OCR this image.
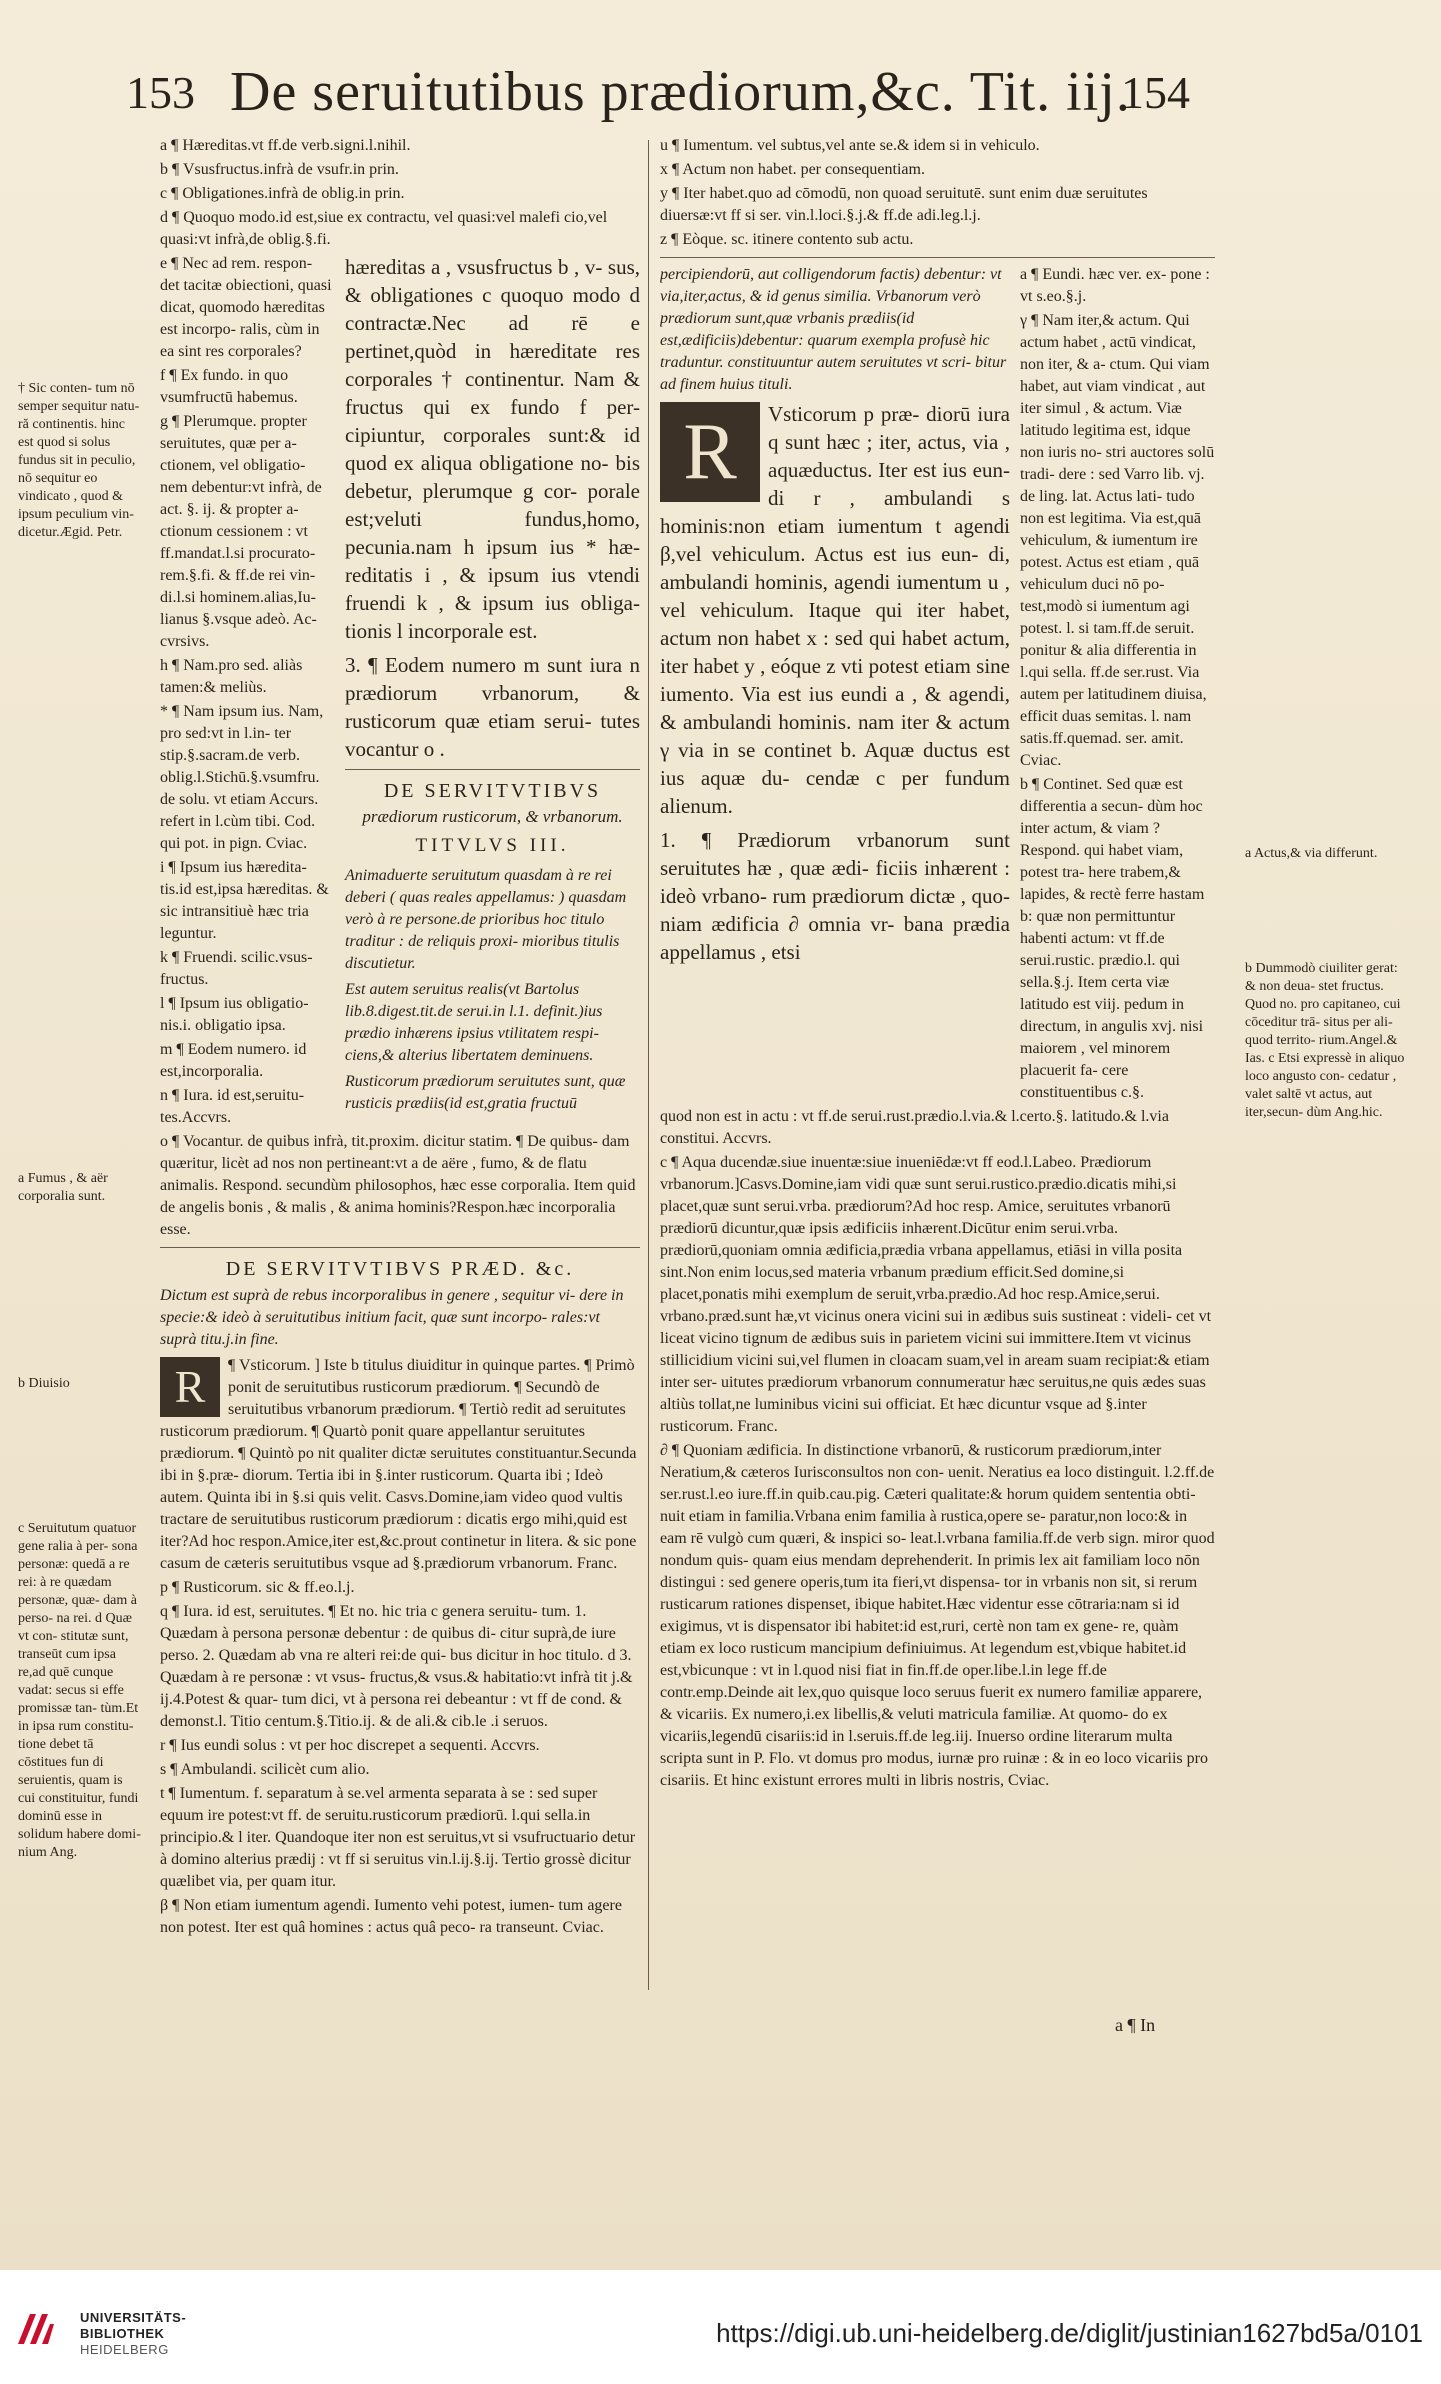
153 De seruitutibus prædiorum,&c. Tit. iij.
154
† Sic conten- tum nō semper sequitur natu- ră continentis. hinc est quod si solus fundus sit in peculio, nō sequitur eo vindicato , quod & ipsum peculium vin- dicetur.Ægid. Petr.
a Fumus , & aër corporalia sunt.
b Diuisio
c Seruitutum quatuor gene ralia à per- sona personæ: quedā a re rei: à re quædam personæ, quæ- dam à perso- na rei. d Quæ vt con- stitutæ sunt, transeūt cum ipsa re,ad quē cunque vadat: secus si effe promissæ tan- tùm.Et in ipsa rum constitu- tione debet tā cōstitues fun di seruientis, quam is cui constituitur, fundi dominū esse in solidum habere domi- nium Ang.

a ¶ Hæreditas.vt ff.de verb.signi.l.nihil.

b ¶ Vsusfructus.infrà de vsufr.in prin.

c ¶ Obligationes.infrà de oblig.in prin.

d ¶ Quoquo modo.id est,siue ex contractu, vel quasi:vel malefi cio,vel quasi:vt infrà,de oblig.§.fi.

e ¶ Nec ad rem. respon- det tacitæ obiectioni, quasi dicat, quomodo hæreditas est incorpo- ralis, cùm in ea sint res corporales?

f ¶ Ex fundo. in quo vsumfructū habemus.

g ¶ Plerumque. propter seruitutes, quæ per a- ctionem, vel obligatio- nem debentur:vt infrà, de act. §. ij. & propter a- ctionum cessionem : vt ff.mandat.l.si procurato- rem.§.fi. & ff.de rei vin- di.l.si hominem.alias,Iu- lianus §.vsque adeò. Ac- cvrsivs.

h ¶ Nam.pro sed. aliàs tamen:& meliùs.

* ¶ Nam ipsum ius. Nam, pro sed:vt in l.in- ter stip.§.sacram.de verb. oblig.l.Stichū.§.vsumfru. de solu. vt etiam Accurs. refert in l.cùm tibi. Cod. qui pot. in pign. Cviac.

i ¶ Ipsum ius hæredita- tis.id est,ipsa hæreditas. & sic intransitiuè hæc tria leguntur.

k ¶ Fruendi. scilic.vsus- fructus.

l ¶ Ipsum ius obligatio- nis.i. obligatio ipsa.

m ¶ Eodem numero. id est,incorporalia.

n ¶ Iura. id est,seruitu- tes.Accvrs.

hæreditas a , vsusfructus b , v- sus, & obligationes c quoquo modo d contractæ.Nec ad rē e pertinet,quòd in hæreditate res corporales † continentur. Nam & fructus qui ex fundo f per- cipiuntur, corporales sunt:& id quod ex aliqua obligatione no- bis debetur, plerumque g cor- porale est;veluti fundus,homo, pecunia.nam h ipsum ius * hæ- reditatis i , & ipsum ius vtendi fruendi k , & ipsum ius obliga- tionis l incorporale est.

3. ¶ Eodem numero m sunt iura n prædiorum vrbanorum, & rusticorum quæ etiam serui- tutes vocantur o .

DE SERVITVTIBVS
prædiorum rusticorum, & vrbanorum.
TITVLVS III.

Animaduerte seruitutum quasdam à re rei deberi ( quas reales appellamus: ) quasdam verò à re persone.de prioribus hoc titulo traditur : de reliquis proxi- mioribus titulis discutietur.

Est autem seruitus realis(vt Bartolus lib.8.digest.tit.de serui.in l.1. definit.)ius prædio inhærens ipsius vtilitatem respi- ciens,& alterius libertatem deminuens.

Rusticorum prædiorum seruitutes sunt, quæ rusticis prædiis(id est,gratia fructuū

o ¶ Vocantur. de quibus infrà, tit.proxim. dicitur statim. ¶ De quibus- dam quæritur, licèt ad nos non pertineant:vt a de aëre , fumo, & de flatu animalis. Respond. secundùm philosophos, hæc esse corporalia. Item quid de angelis bonis , & malis , & anima hominis?Respon.hæc incorporalia esse.

DE SERVITVTIBVS PRÆD. &c.

Dictum est suprà de rebus incorporalibus in genere , sequitur vi- dere in specie:& ideò à seruitutibus initium facit, quæ sunt incorpo- rales:vt suprà titu.j.in fine.

R	¶ Vsticorum. ] Iste b titulus diuiditur in quinque partes. ¶ Primò ponit de seruitutibus rusticorum prædiorum. ¶ Secundò de seruitutibus vrbanorum prædiorum. ¶ Tertiò redit ad seruitutes rusticorum prædiorum. ¶ Quartò ponit quare appellantur seruitutes prædiorum. ¶ Quintò po nit qualiter dictæ seruitutes constituantur.Secunda ibi in §.præ- diorum. Tertia ibi in §.inter rusticorum. Quarta ibi ; Ideò autem. Quinta ibi in §.si quis velit. Casvs.Domine,iam video quod vultis tractare de seruitutibus rusticorum prædiorum : dicatis ergo mihi,quid est iter?Ad hoc respon.Amice,iter est,&c.prout continetur in litera. & sic pone casum de cæteris seruitutibus vsque ad §.prædiorum vrbanorum. Franc.

p ¶ Rusticorum. sic & ff.eo.l.j.

q ¶ Iura. id est, seruitutes. ¶ Et no. hic tria c genera seruitu- tum. 1. Quædam à persona personæ debentur : de quibus di- citur suprà,de iure perso. 2. Quædam ab vna re alteri rei:de qui- bus dicitur in hoc titulo. d 3. Quædam à re personæ : vt vsus- fructus,& vsus.& habitatio:vt infrà tit j.& ij.4.Potest & quar- tum dici, vt à persona rei debeantur : vt ff de cond. & demonst.l. Titio centum.§.Titio.ij. & de ali.& cib.le .i seruos.

r ¶ Ius eundi solus : vt per hoc discrepet a sequenti. Accvrs.

s ¶ Ambulandi. scilicèt cum alio.

t ¶ Iumentum. f. separatum à se.vel armenta separata à se : sed super equum ire potest:vt ff. de seruitu.rusticorum prædiorū. l.qui sella.in principio.& l iter. Quandoque iter non est seruitus,vt si vsufructuario detur à domino alterius prædij : vt ff si seruitus vin.l.ij.§.ij. Tertio grossè dicitur quælibet via, per quam itur.

β ¶ Non etiam iumentum agendi. Iumento vehi potest, iumen- tum agere non potest. Iter est quâ homines : actus quâ peco- ra transeunt. Cviac.

u ¶ Iumentum. vel subtus,vel ante se.& idem si in vehiculo.

x ¶ Actum non habet. per consequentiam.

y ¶ Iter habet.quo ad cōmodū, non quoad seruitutē. sunt enim duæ seruitutes diuersæ:vt ff si ser. vin.l.loci.§.j.& ff.de adi.leg.l.j.

z ¶ Eòque. sc. itinere contento sub actu.

percipiendorū, aut colligendorum factis) debentur: vt via,iter,actus, & id genus similia. Vrbanorum verò prædiorum sunt,quæ vrbanis prædiis(id est,ædificiis)debentur: quarum exempla profusè hic traduntur. constituuntur autem seruitutes vt scri- bitur ad finem huius tituli.

R	Vsticorum p præ- diorū iura q sunt hæc ; iter, actus, via , aquæductus. Iter est ius eun- di r , ambulandi s hominis:non etiam iumentum t agendi β,vel vehiculum. Actus est ius eun- di, ambulandi hominis, agendi iumentum u , vel vehiculum. Itaque qui iter habet, actum non habet x : sed qui habet actum, iter habet y , eóque z vti potest etiam sine iumento. Via est ius eundi a , & agendi, & ambulandi hominis. nam iter & actum γ via in se continet b. Aquæ ductus est ius aquæ du- cendæ c per fundum alienum.

1. ¶ Prædiorum vrbanorum sunt seruitutes hæ , quæ ædi- ficiis inhærent : ideò vrbano- rum prædiorum dictæ , quo- niam ædificia ∂ omnia vr- bana prædia appellamus , etsi

a ¶ Eundi. hæc ver. ex- pone : vt s.eo.§.j.

γ ¶ Nam iter,& actum. Qui actum habet , actū vindicat, non iter, & a- ctum. Qui viam habet, aut viam vindicat , aut iter simul , & actum. Viæ latitudo legitima est, idque non iuris no- stri auctores solū tradi- dere : sed Varro lib. vj. de ling. lat. Actus lati- tudo non est legitima. Via est,quā vehiculum, & iumentum ire potest. Actus est etiam , quā vehiculum duci nō po- test,modò si iumentum agi potest. l. si tam.ff.de seruit. ponitur & alia differentia in l.qui sella. ff.de ser.rust. Via autem per latitudinem diuisa, efficit duas semitas. l. nam satis.ff.quemad. ser. amit. Cviac.

b ¶ Continet. Sed quæ est differentia a secun- dùm hoc inter actum, & viam ? Respond. qui habet viam, potest tra- here trabem,& lapides, & rectè ferre hastam b: quæ non permittuntur habenti actum: vt ff.de serui.rustic. prædio.l. qui sella.§.j. Item certa viæ latitudo est viij. pedum in directum, in angulis xvj. nisi maiorem , vel minorem placuerit fa- cere constituentibus c.§.

quod non est in actu : vt ff.de serui.rust.prædio.l.via.& l.certo.§. latitudo.& l.via constitui. Accvrs.

c ¶ Aqua ducendæ.siue inuentæ:siue inueniēdæ:vt ff eod.l.Labeo. Prædiorum vrbanorum.]Casvs.Domine,iam vidi quæ sunt serui.rustico.prædio.dicatis mihi,si placet,quæ sunt serui.vrba. prædiorum?Ad hoc resp. Amice, seruitutes vrbanorū prædiorū dicuntur,quæ ipsis ædificiis inhærent.Dicūtur enim serui.vrba. prædiorū,quoniam omnia ædificia,prædia vrbana appellamus, etiāsi in villa posita sint.Non enim locus,sed materia vrbanum prædium efficit.Sed domine,si placet,ponatis mihi exemplum de seruit,vrba.prædio.Ad hoc resp.Amice,serui. vrbano.præd.sunt hæ,vt vicinus onera vicini sui in ædibus suis sustineat : videli- cet vt liceat vicino tignum de ædibus suis in parietem vicini sui immittere.Item vt vicinus stillicidium vicini sui,vel flumen in cloacam suam,vel in aream suam recipiat:& etiam inter ser- uitutes prædiorum vrbanorum connumeratur hæc seruitus,ne quis ædes suas altiùs tollat,ne luminibus vicini sui officiat. Et hæc dicuntur vsque ad §.inter rusticorum. Franc.

∂ ¶ Quoniam ædificia. In distinctione vrbanorū, & rusticorum prædiorum,inter Neratium,& cæteros Iurisconsultos non con- uenit. Neratius ea loco distinguit. l.2.ff.de ser.rust.l.eo iure.ff.in quib.cau.pig. Cæteri qualitate:& horum quidem sententia obti- nuit etiam in familia.Vrbana enim familia à rustica,opere se- paratur,non loco:& in eam rē vulgò cum quæri, & inspici so- leat.l.vrbana familia.ff.de verb sign. miror quod nondum quis- quam eius mendam deprehenderit. In primis lex ait familiam loco nōn distingui : sed genere operis,tum ita fieri,vt dispensa- tor in vrbanis non sit, si rerum rusticarum rationes dispenset, ibique habitet.Hæc videntur esse cōtraria:nam si id exigimus, vt is dispensator ibi habitet:id est,ruri, certè non tam ex gene- re, quàm etiam ex loco rusticum mancipium definiuimus. At legendum est,vbique habitet.id est,vbicunque : vt in l.quod nisi fiat in fin.ff.de oper.libe.l.in lege ff.de contr.emp.Deinde ait lex,quo quisque loco seruus fuerit ex numero familiæ apparere, & vicariis. Ex numero,i.ex libellis,& veluti matricula familiæ. At quomo- do ex vicariis,legendū cisariis:id in l.seruis.ff.de leg.iij. Inuerso ordine literarum multa scripta sunt in P. Flo. vt domus pro modus, iurnæ pro ruinæ : & in eo loco vicariis pro cisariis. Et hinc existunt errores multi in libris nostris, Cviac.

a Actus,& via differunt.
b Dummodò ciuiliter gerat: & non deua- stet fructus. Quod no. pro capitaneo, cui cōceditur trā- situs per ali- quod territo- rium.Angel.& Ias. c Etsi expressè in aliquo loco angusto con- cedatur , valet saltē vt actus, aut iter,secun- dùm Ang.hic.
a ¶ In
UNIVERSITÄTS-
BIBLIOTHEK
HEIDELBERG
https://digi.ub.uni-heidelberg.de/diglit/justinian1627bd5a/0101
